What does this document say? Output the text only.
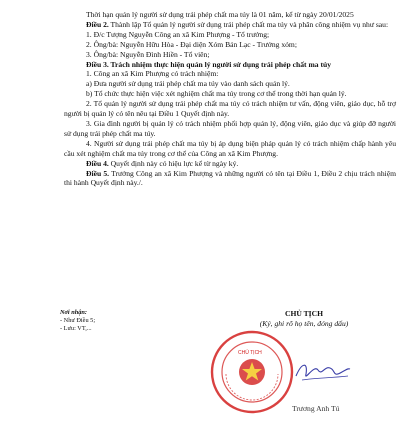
Thời hạn quản lý người sử dụng trái phép chất ma túy là 01 năm, kể từ ngày 20/01/2025

Điều 2. Thành lập Tổ quản lý người sử dụng trái phép chất ma túy và phân công nhiệm vụ như sau:

1. Đ/c Tượng Nguyễn Công an xã Kim Phượng - Tổ trưởng;

2. Ông/bà: Nguyễn Hữu Hòa - Đại diện Xóm Bản Lạc - Trưởng xóm;

3. Ông/bà: Nguyễn Đình Hiền - Tổ viên;

Điều 3. Trách nhiệm thực hiện quản lý người sử dụng trái phép chất ma túy

1. Công an xã Kim Phượng có trách nhiệm:

a) Đưa người sử dụng trái phép chất ma túy vào danh sách quản lý.

b) Tổ chức thực hiện việc xét nghiệm chất ma túy trong cơ thể trong thời hạn quản lý.

2. Tổ quản lý người sử dụng trái phép chất ma túy có trách nhiệm tư vấn, động viên, giáo dục, hỗ trợ người bị quản lý có tên nêu tại Điều 1 Quyết định này.

3. Gia đình người bị quản lý có trách nhiệm phối hợp quản lý, động viên, giáo dục và giúp đỡ người sử dụng trái phép chất ma túy.

4. Người sử dụng trái phép chất ma túy bị áp dụng biện pháp quản lý có trách nhiệm chấp hành yêu cầu xét nghiệm chất ma túy trong cơ thể của Công an xã Kim Phượng.

Điều 4. Quyết định này có hiệu lực kể từ ngày ký.

Điều 5. Trưởng Công an xã Kim Phượng và những người có tên tại Điều 1, Điều 2 chịu trách nhiệm thi hành Quyết định này./.

Nơi nhận:

- Như Điều 5;

- Lưu: VT,...

CHỦ TỊCH

(Ký, ghi rõ họ tên, đóng dấu)

CHỦ TỊCH
Trương Anh Tú
